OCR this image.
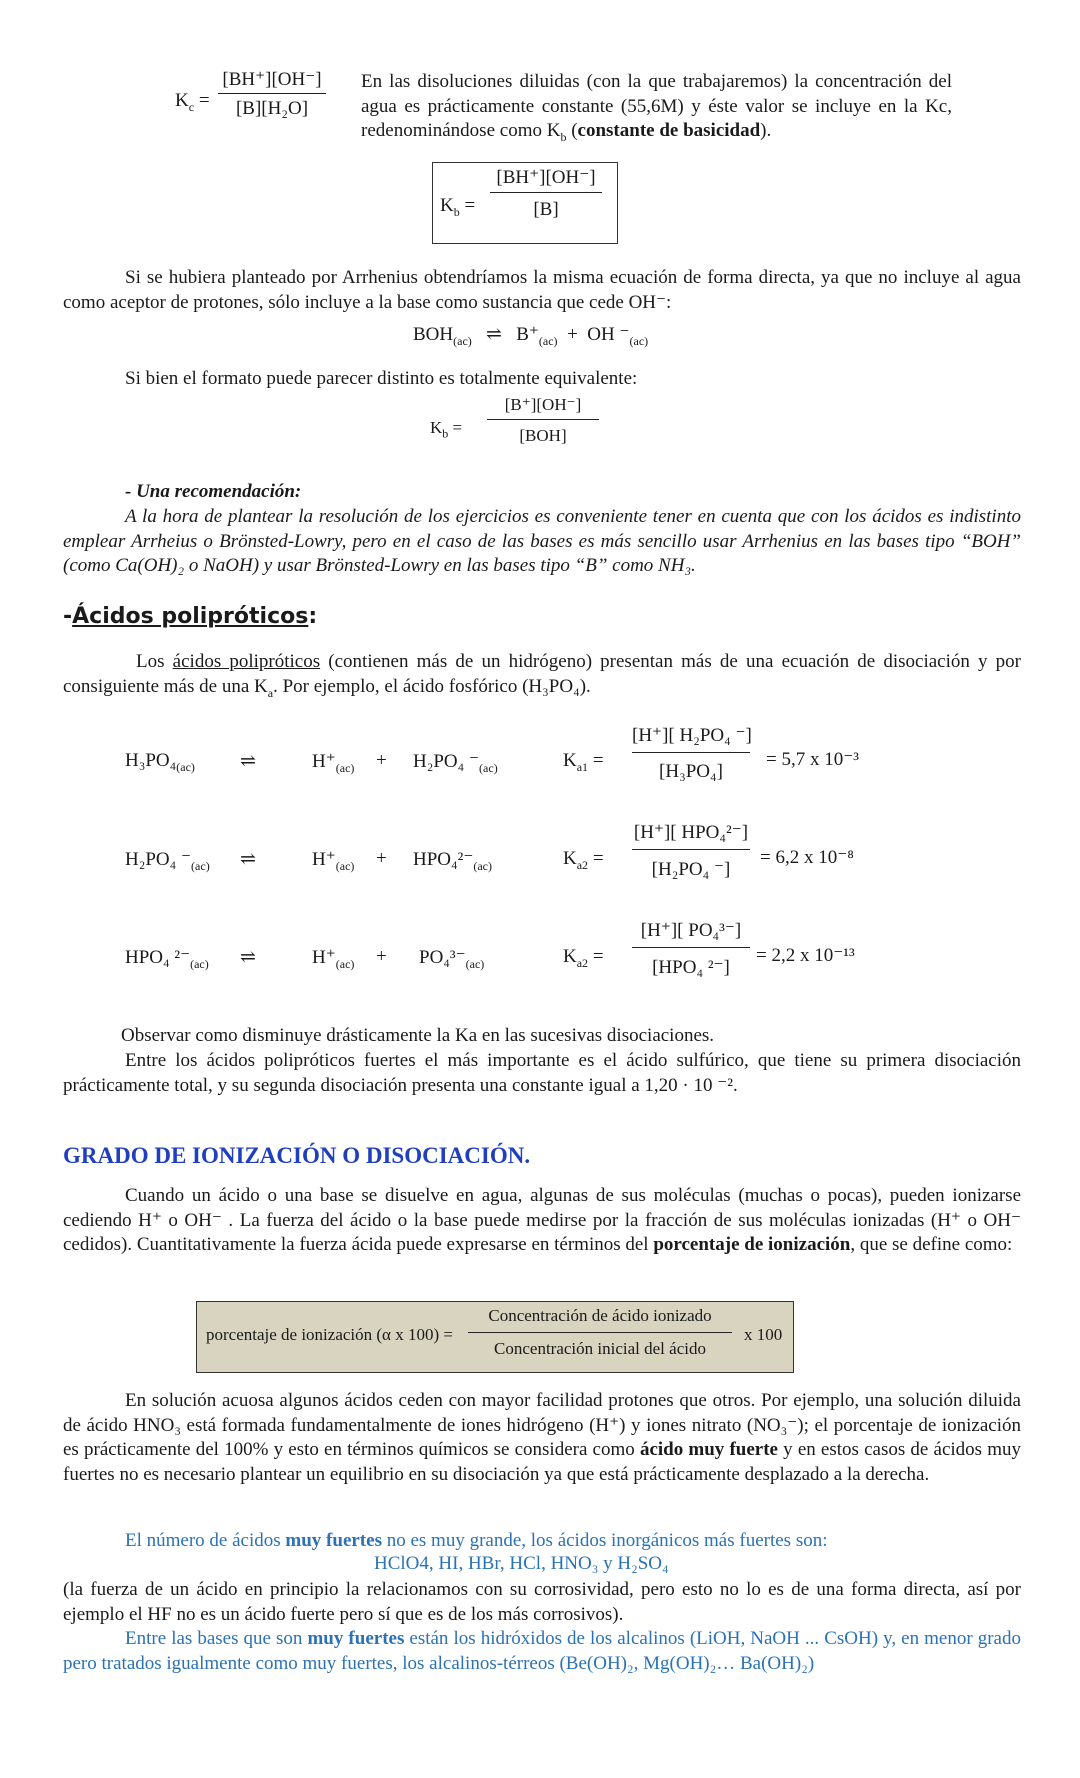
$K_c$ =
[BH⁺][OH⁻]
[B][H₂O]
En las disoluciones diluidas (con la que trabajaremos) la concentración del agua es prácticamente constante (55,6M) y éste valor se incluye en la Kc, redenominándose como $K_b$ (constante de basicidad).
$K_b$ =
[BH⁺][OH⁻]
[B]
Si se hubiera planteado por Arrhenius obtendríamos la misma ecuación de forma directa, ya que no incluye al agua como aceptor de protones, sólo incluye a la base como sustancia que cede OH⁻:
$BOH_{(ac)}$ ⇌ $B^+_{(ac)}$ + OH $^-_{(ac)}$
Si bien el formato puede parecer distinto es totalmente equivalente:
$K_b$ =
[B⁺][OH⁻]
[BOH]
- Una recomendación:
A la hora de plantear la resolución de los ejercicios es conveniente tener en cuenta que con los ácidos es indistinto emplear Arrheius o Brönsted-Lowry, pero en el caso de las bases es más sencillo usar Arrhenius en las bases tipo “BOH” (como Ca(OH)₂ o NaOH) y usar Brönsted-Lowry en las bases tipo “B” como NH₃.
-Ácidos polipróticos:
Los ácidos polipróticos (contienen más de un hidrógeno) presentan más de una ecuación de disociación y por consiguiente más de una $K_a$. Por ejemplo, el ácido fosfórico (H₃PO₄).
$H_3PO_4_{(ac)}$ ⇌	$H^+_{(ac)} + H_2PO_4$ $^-_{(ac)}$	$K_{a1}$ =
[H⁺][ H₂PO₄ ⁻]
[H₃PO₄]
= 5,7 x 10⁻³
H₂PO₄ $^-_{(ac)}$ ⇌	$H^+_{(ac)} + HPO_4^{2-}_{(ac)}$	$K_{a2}$ =
[H⁺][ HPO₄²⁻]
[H₂PO₄ ⁻]
= 6,2 x 10⁻⁸
HPO₄ $^{2-}_{(ac)}$ ⇌	$H^+_{(ac)} + PO_4^{3-}_{(ac)}$	$K_{a2}$ =
[H⁺][ PO₄³⁻]
[HPO₄ ²⁻]
= 2,2 x 10⁻¹³
Observar como disminuye drásticamente la Ka en las sucesivas disociaciones.
Entre los ácidos polipróticos fuertes el más importante es el ácido sulfúrico, que tiene su primera disociación prácticamente total, y su segunda disociación presenta una constante igual a 1,20 · 10 ⁻².
GRADO DE IONIZACIÓN O DISOCIACIÓN.
Cuando un ácido o una base se disuelve en agua, algunas de sus moléculas (muchas o pocas), pueden ionizarse cediendo H⁺ o OH⁻ . La fuerza del ácido o la base puede medirse por la fracción de sus moléculas ionizadas (H⁺ o OH⁻ cedidos). Cuantitativamente la fuerza ácida puede expresarse en términos del porcentaje de ionización, que se define como:
porcentaje de ionización (α x 100) =
Concentración de ácido ionizado
Concentración inicial del ácido
x 100
En solución acuosa algunos ácidos ceden con mayor facilidad protones que otros. Por ejemplo, una solución diluida de ácido HNO₃ está formada fundamentalmente de iones hidrógeno (H⁺) y iones nitrato (NO₃⁻); el porcentaje de ionización es prácticamente del 100% y esto en términos químicos se considera como ácido muy fuerte y en estos casos de ácidos muy fuertes no es necesario plantear un equilibrio en su disociación ya que está prácticamente desplazado a la derecha.
El número de ácidos muy fuertes no es muy grande, los ácidos inorgánicos más fuertes son:
HClO4, HI, HBr, HCl, HNO₃ y H₂SO₄
(la fuerza de un ácido en principio la relacionamos con su corrosividad, pero esto no lo es de una forma directa, así por ejemplo el HF no es un ácido fuerte pero sí que es de los más corrosivos).
Entre las bases que son muy fuertes están los hidróxidos de los alcalinos (LiOH, NaOH ... CsOH) y, en menor grado pero tratados igualmente como muy fuertes, los alcalinos-térreos (Be(OH)₂, Mg(OH)₂… Ba(OH)₂)
